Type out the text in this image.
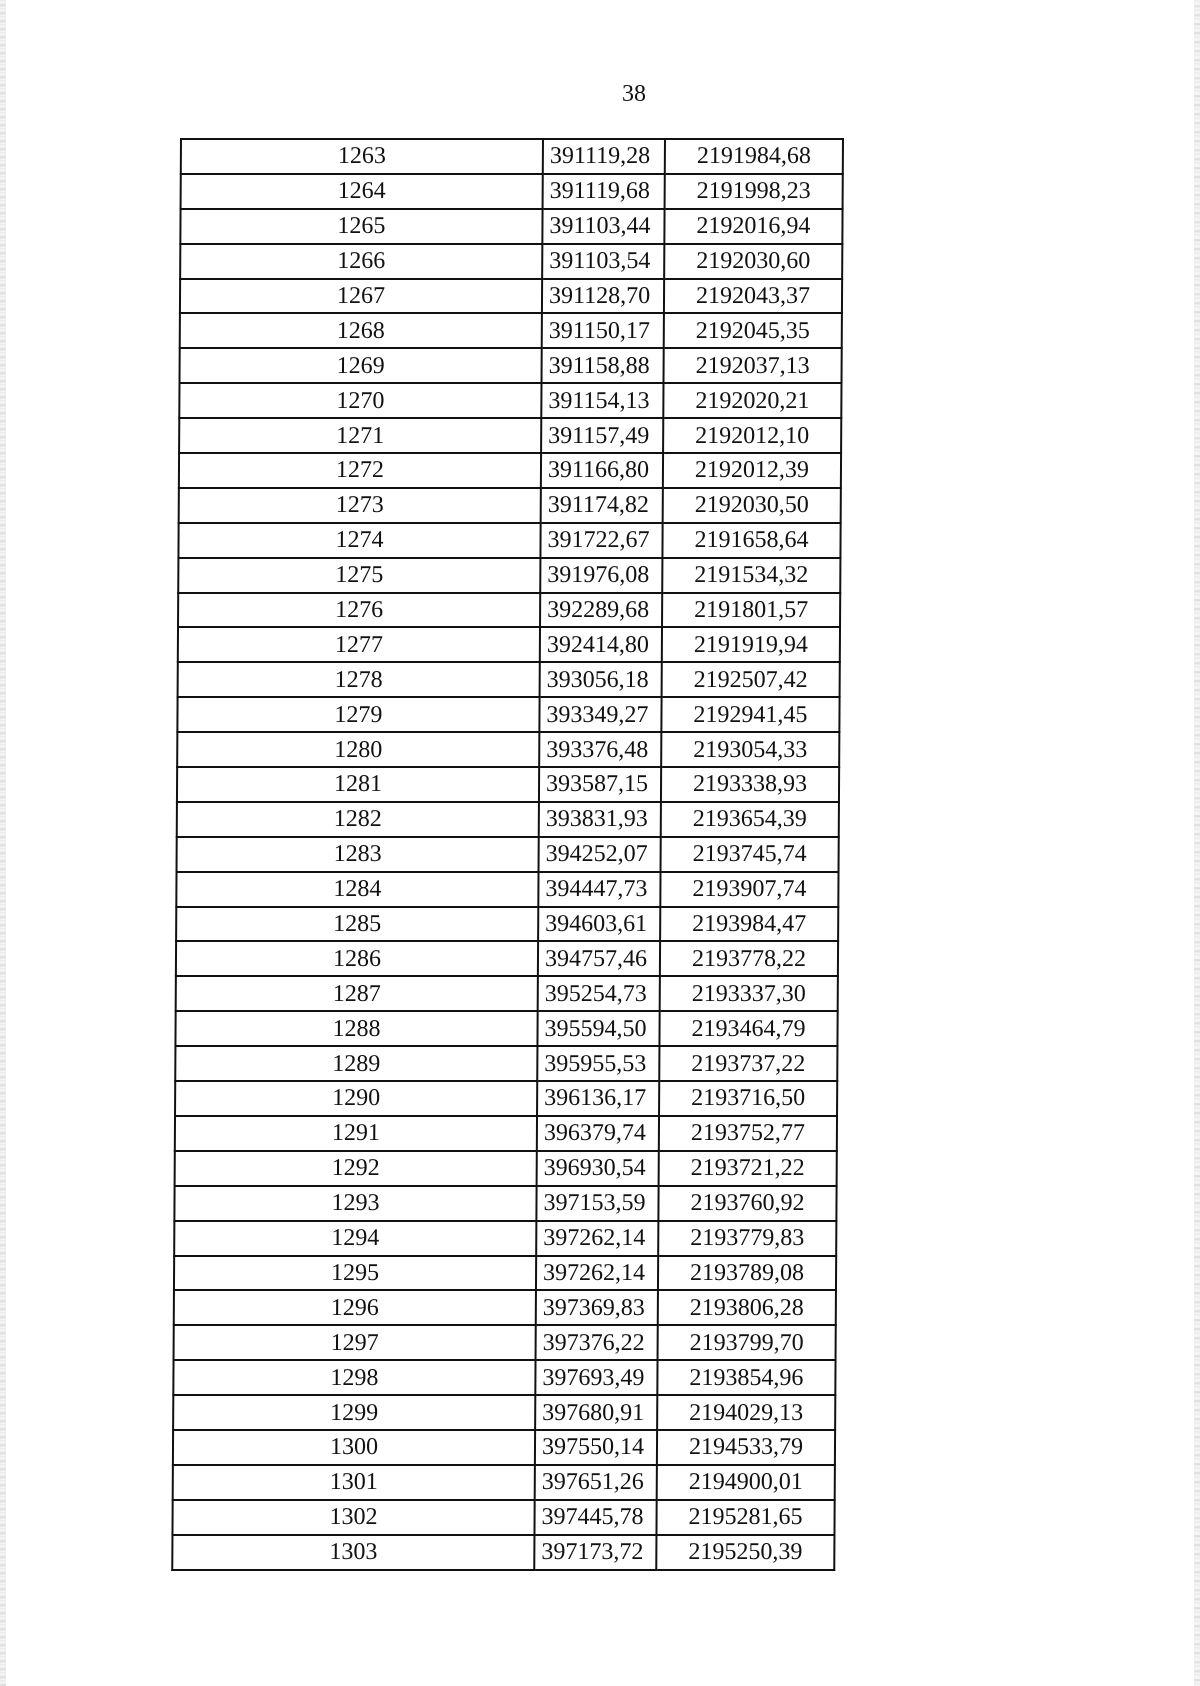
38
1263	391119,28	2191984,68
1264	391119,68	2191998,23
1265	391103,44	2192016,94
1266	391103,54	2192030,60
1267	391128,70	2192043,37
1268	391150,17	2192045,35
1269	391158,88	2192037,13
1270	391154,13	2192020,21
1271	391157,49	2192012,10
1272	391166,80	2192012,39
1273	391174,82	2192030,50
1274	391722,67	2191658,64
1275	391976,08	2191534,32
1276	392289,68	2191801,57
1277	392414,80	2191919,94
1278	393056,18	2192507,42
1279	393349,27	2192941,45
1280	393376,48	2193054,33
1281	393587,15	2193338,93
1282	393831,93	2193654,39
1283	394252,07	2193745,74
1284	394447,73	2193907,74
1285	394603,61	2193984,47
1286	394757,46	2193778,22
1287	395254,73	2193337,30
1288	395594,50	2193464,79
1289	395955,53	2193737,22
1290	396136,17	2193716,50
1291	396379,74	2193752,77
1292	396930,54	2193721,22
1293	397153,59	2193760,92
1294	397262,14	2193779,83
1295	397262,14	2193789,08
1296	397369,83	2193806,28
1297	397376,22	2193799,70
1298	397693,49	2193854,96
1299	397680,91	2194029,13
1300	397550,14	2194533,79
1301	397651,26	2194900,01
1302	397445,78	2195281,65
1303	397173,72	2195250,39
